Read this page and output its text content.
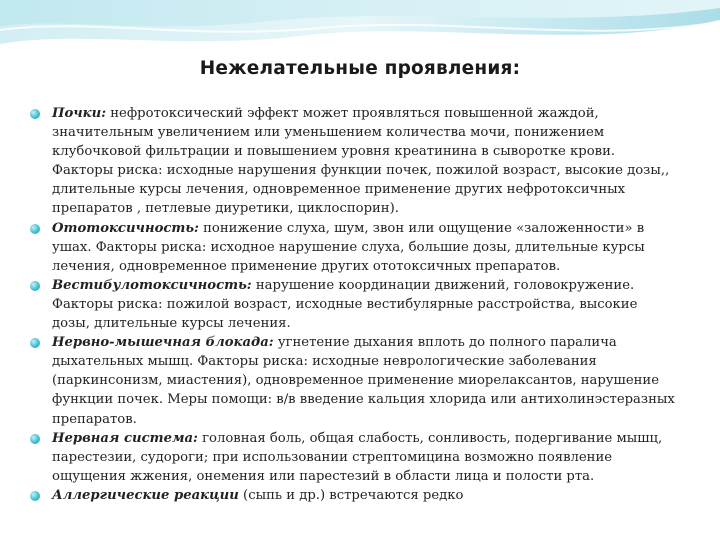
Нежелательные проявления:
Почки: нефротоксический эффект может проявляться повышенной жаждой, значительным увеличением или уменьшением количества мочи, понижением клубочковой фильтрации и повышением уровня креатинина в сыворотке крови. Факторы риска: исходные нарушения функции почек, пожилой возраст, высокие дозы,, длительные курсы лечения, одновременное применение других нефротоксичных препаратов , петлевые диуретики, циклоспорин).
Ототоксичность: понижение слуха, шум, звон или ощущение «заложенности» в ушах. Факторы риска: исходное нарушение слуха, большие дозы, длительные курсы лечения, одновременное применение других ототоксичных препаратов.
Вестибулотоксичность: нарушение координации движений, головокружение. Факторы риска: пожилой возраст, исходные вестибулярные расстройства, высокие дозы, длительные курсы лечения.
Нервно-мышечная блокада: угнетение дыхания вплоть до полного паралича дыхательных мышц. Факторы риска: исходные неврологические заболевания (паркинсонизм, миастения), одновременное применение миорелаксантов, нарушение функции почек. Меры помощи: в/в введение кальция хлорида или антихолинэстеразных препаратов.
Нервная система: головная боль, общая слабость, сонливость, подергивание мышц, парестезии, судороги; при использовании стрептомицина возможно появление ощущения жжения, онемения или парестезий в области лица и полости рта.
Аллергические реакции (сыпь и др.) встречаются редко
